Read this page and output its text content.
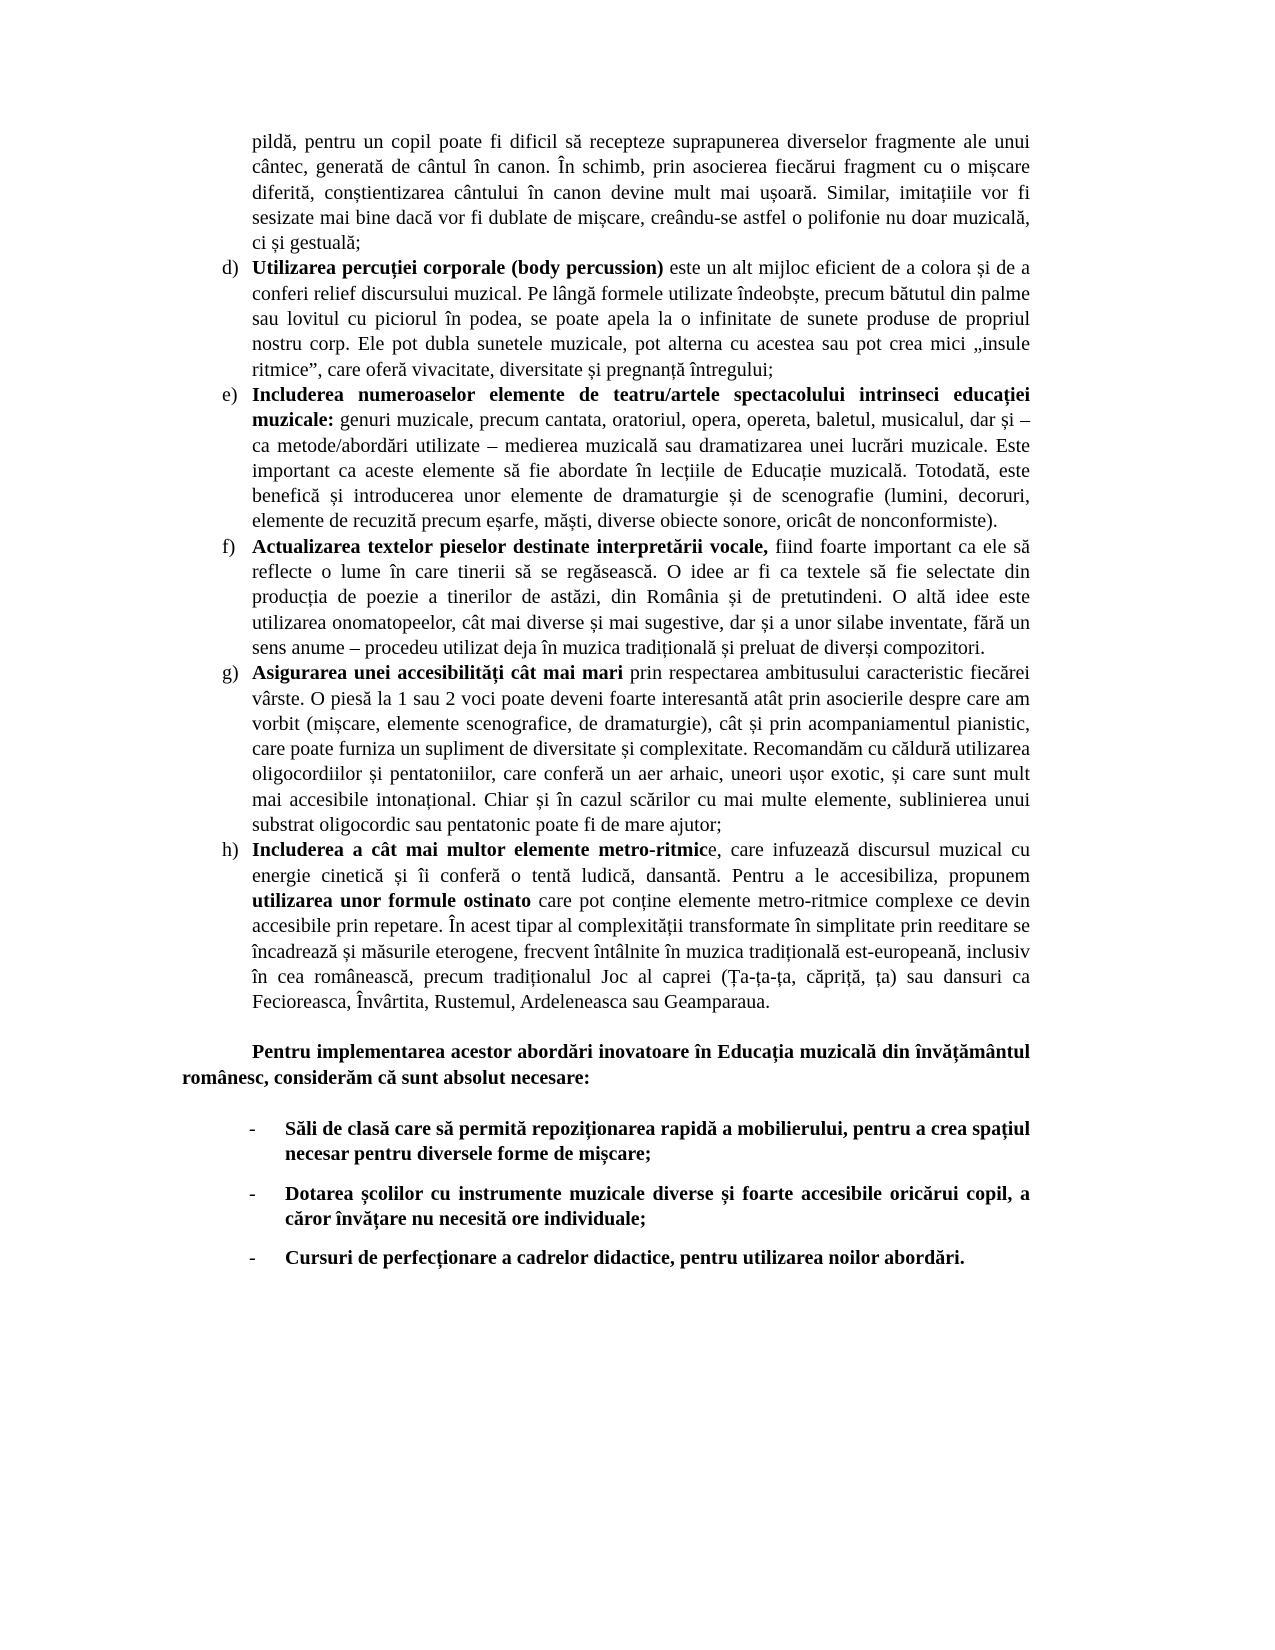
pildă, pentru un copil poate fi dificil să recepteze suprapunerea diverselor fragmente ale unui cântec, generată de cântul în canon. În schimb, prin asocierea fiecărui fragment cu o mișcare diferită, conștientizarea cântului în canon devine mult mai ușoară. Similar, imitațiile vor fi sesizate mai bine dacă vor fi dublate de mișcare, creându-se astfel o polifonie nu doar muzicală, ci și gestuală;

d) Utilizarea percuției corporale (body percussion) este un alt mijloc eficient de a colora și de a conferi relief discursului muzical. Pe lângă formele utilizate îndeobște, precum bătutul din palme sau lovitul cu piciorul în podea, se poate apela la o infinitate de sunete produse de propriul nostru corp. Ele pot dubla sunetele muzicale, pot alterna cu acestea sau pot crea mici „insule ritmice”, care oferă vivacitate, diversitate și pregnanță întregului;
e) Includerea numeroaselor elemente de teatru/artele spectacolului intrinseci educației muzicale: genuri muzicale, precum cantata, oratoriul, opera, opereta, baletul, musicalul, dar și – ca metode/abordări utilizate – medierea muzicală sau dramatizarea unei lucrări muzicale. Este important ca aceste elemente să fie abordate în lecțiile de Educație muzicală. Totodată, este benefică și introducerea unor elemente de dramaturgie și de scenografie (lumini, decoruri, elemente de recuzită precum eșarfe, măști, diverse obiecte sonore, oricât de nonconformiste).
f) Actualizarea textelor pieselor destinate interpretării vocale, fiind foarte important ca ele să reflecte o lume în care tinerii să se regăsească. O idee ar fi ca textele să fie selectate din producția de poezie a tinerilor de astăzi, din România și de pretutindeni. O altă idee este utilizarea onomatopeelor, cât mai diverse și mai sugestive, dar și a unor silabe inventate, fără un sens anume – procedeu utilizat deja în muzica tradițională și preluat de diverși compozitori.
g) Asigurarea unei accesibilități cât mai mari prin respectarea ambitusului caracteristic fiecărei vârste. O piesă la 1 sau 2 voci poate deveni foarte interesantă atât prin asocierile despre care am vorbit (mișcare, elemente scenografice, de dramaturgie), cât și prin acompaniamentul pianistic, care poate furniza un supliment de diversitate și complexitate. Recomandăm cu căldură utilizarea oligocordiilor și pentatoniilor, care conferă un aer arhaic, uneori ușor exotic, și care sunt mult mai accesibile intonațional. Chiar și în cazul scărilor cu mai multe elemente, sublinierea unui substrat oligocordic sau pentatonic poate fi de mare ajutor;
h) Includerea a cât mai multor elemente metro-ritmice, care infuzează discursul muzical cu energie cinetică și îi conferă o tentă ludică, dansantă. Pentru a le accesibiliza, propunem utilizarea unor formule ostinato care pot conține elemente metro-ritmice complexe ce devin accesibile prin repetare. În acest tipar al complexității transformate în simplitate prin reeditare se încadrează și măsurile eterogene, frecvent întâlnite în muzica tradițională est-europeană, inclusiv în cea românească, precum tradiționalul Joc al caprei (Ța-ța-ța, căpriță, ța) sau dansuri ca Fecioreasca, Învârtita, Rustemul, Ardeleneasca sau Geamparaua.

Pentru implementarea acestor abordări inovatoare în Educația muzicală din învățământul românesc, considerăm că sunt absolut necesare:

- Săli de clasă care să permită repoziționarea rapidă a mobilierului, pentru a crea spațiul necesar pentru diversele forme de mișcare;
- Dotarea școlilor cu instrumente muzicale diverse și foarte accesibile oricărui copil, a căror învățare nu necesită ore individuale;
- Cursuri de perfecționare a cadrelor didactice, pentru utilizarea noilor abordări.
